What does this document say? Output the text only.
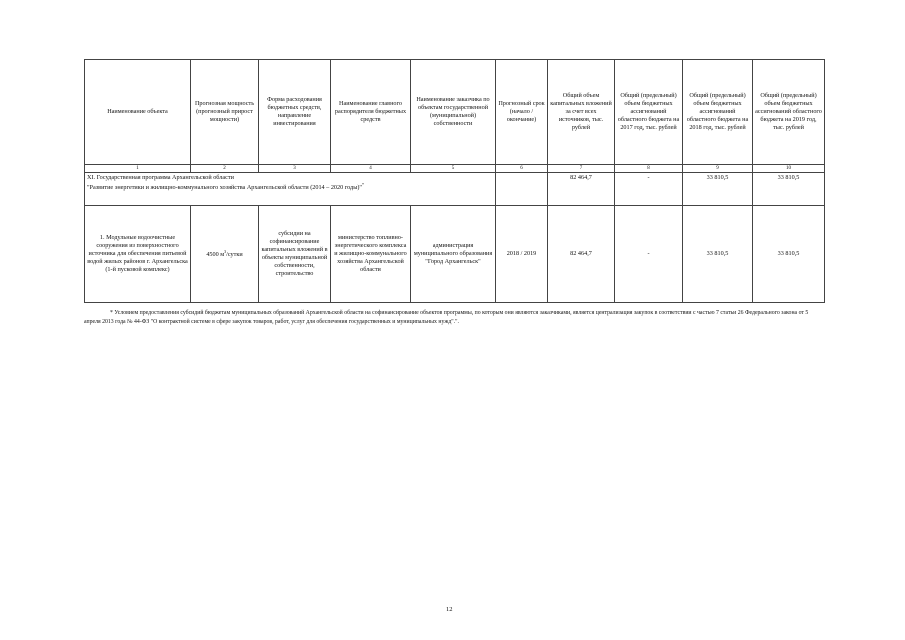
Наименование объекта	Прогнозная мощность (прогнозный прирост мощности)	Форма расходования бюджетных средств, направление инвестирования	Наименование главного распорядителя бюджетных средств	Наименование заказчика по объектам государственной (муниципальной) собственности	Прогнозный срок (начало / окончание)	Общий объем капитальных вложений за счет всех источников, тыс. рублей	Общий (предельный) объем бюджетных ассигнований областного бюджета на 2017 год, тыс. рублей	Общий (предельный) объем бюджетных ассигнований областного бюджета на 2018 год, тыс. рублей	Общий (предельный) объем бюджетных ассигнований областного бюджета на 2019 год, тыс. рублей
1	2	3	4	5	6	7	8	9	10
XI. Государственная программа Архангельской области
"Развитие энергетики и жилищно-коммунального хозяйства Архангельской области (2014 – 2020 годы)"*						82 464,7	-	33 810,5	33 810,5
1. Модульные водоочистные сооружения из поверхностного источника для обеспечения питьевой водой жилых районов г. Архангельска (1-й пусковой комплекс)	4500 $м^3$/сутки	субсидии на софинансирование капитальных вложений в объекты муниципальной собственности, строительство	министерство топливно-энергетического комплекса и жилищно-коммунального хозяйства Архангельской области	администрация муниципального образования "Город Архангельск"	2018 / 2019	82 464,7	-	33 810,5	33 810,5
* Условием предоставления субсидий бюджетам муниципальных образований Архангельской области на софинансирование объектов программы, по которым они являются заказчиками, является централизация закупок в соответствии с частью 7 статьи 26 Федерального закона от 5 апреля 2013 года № 44-ФЗ "О контрактной системе в сфере закупок товаров, работ, услуг для обеспечения государственных и муниципальных нужд".".
12
